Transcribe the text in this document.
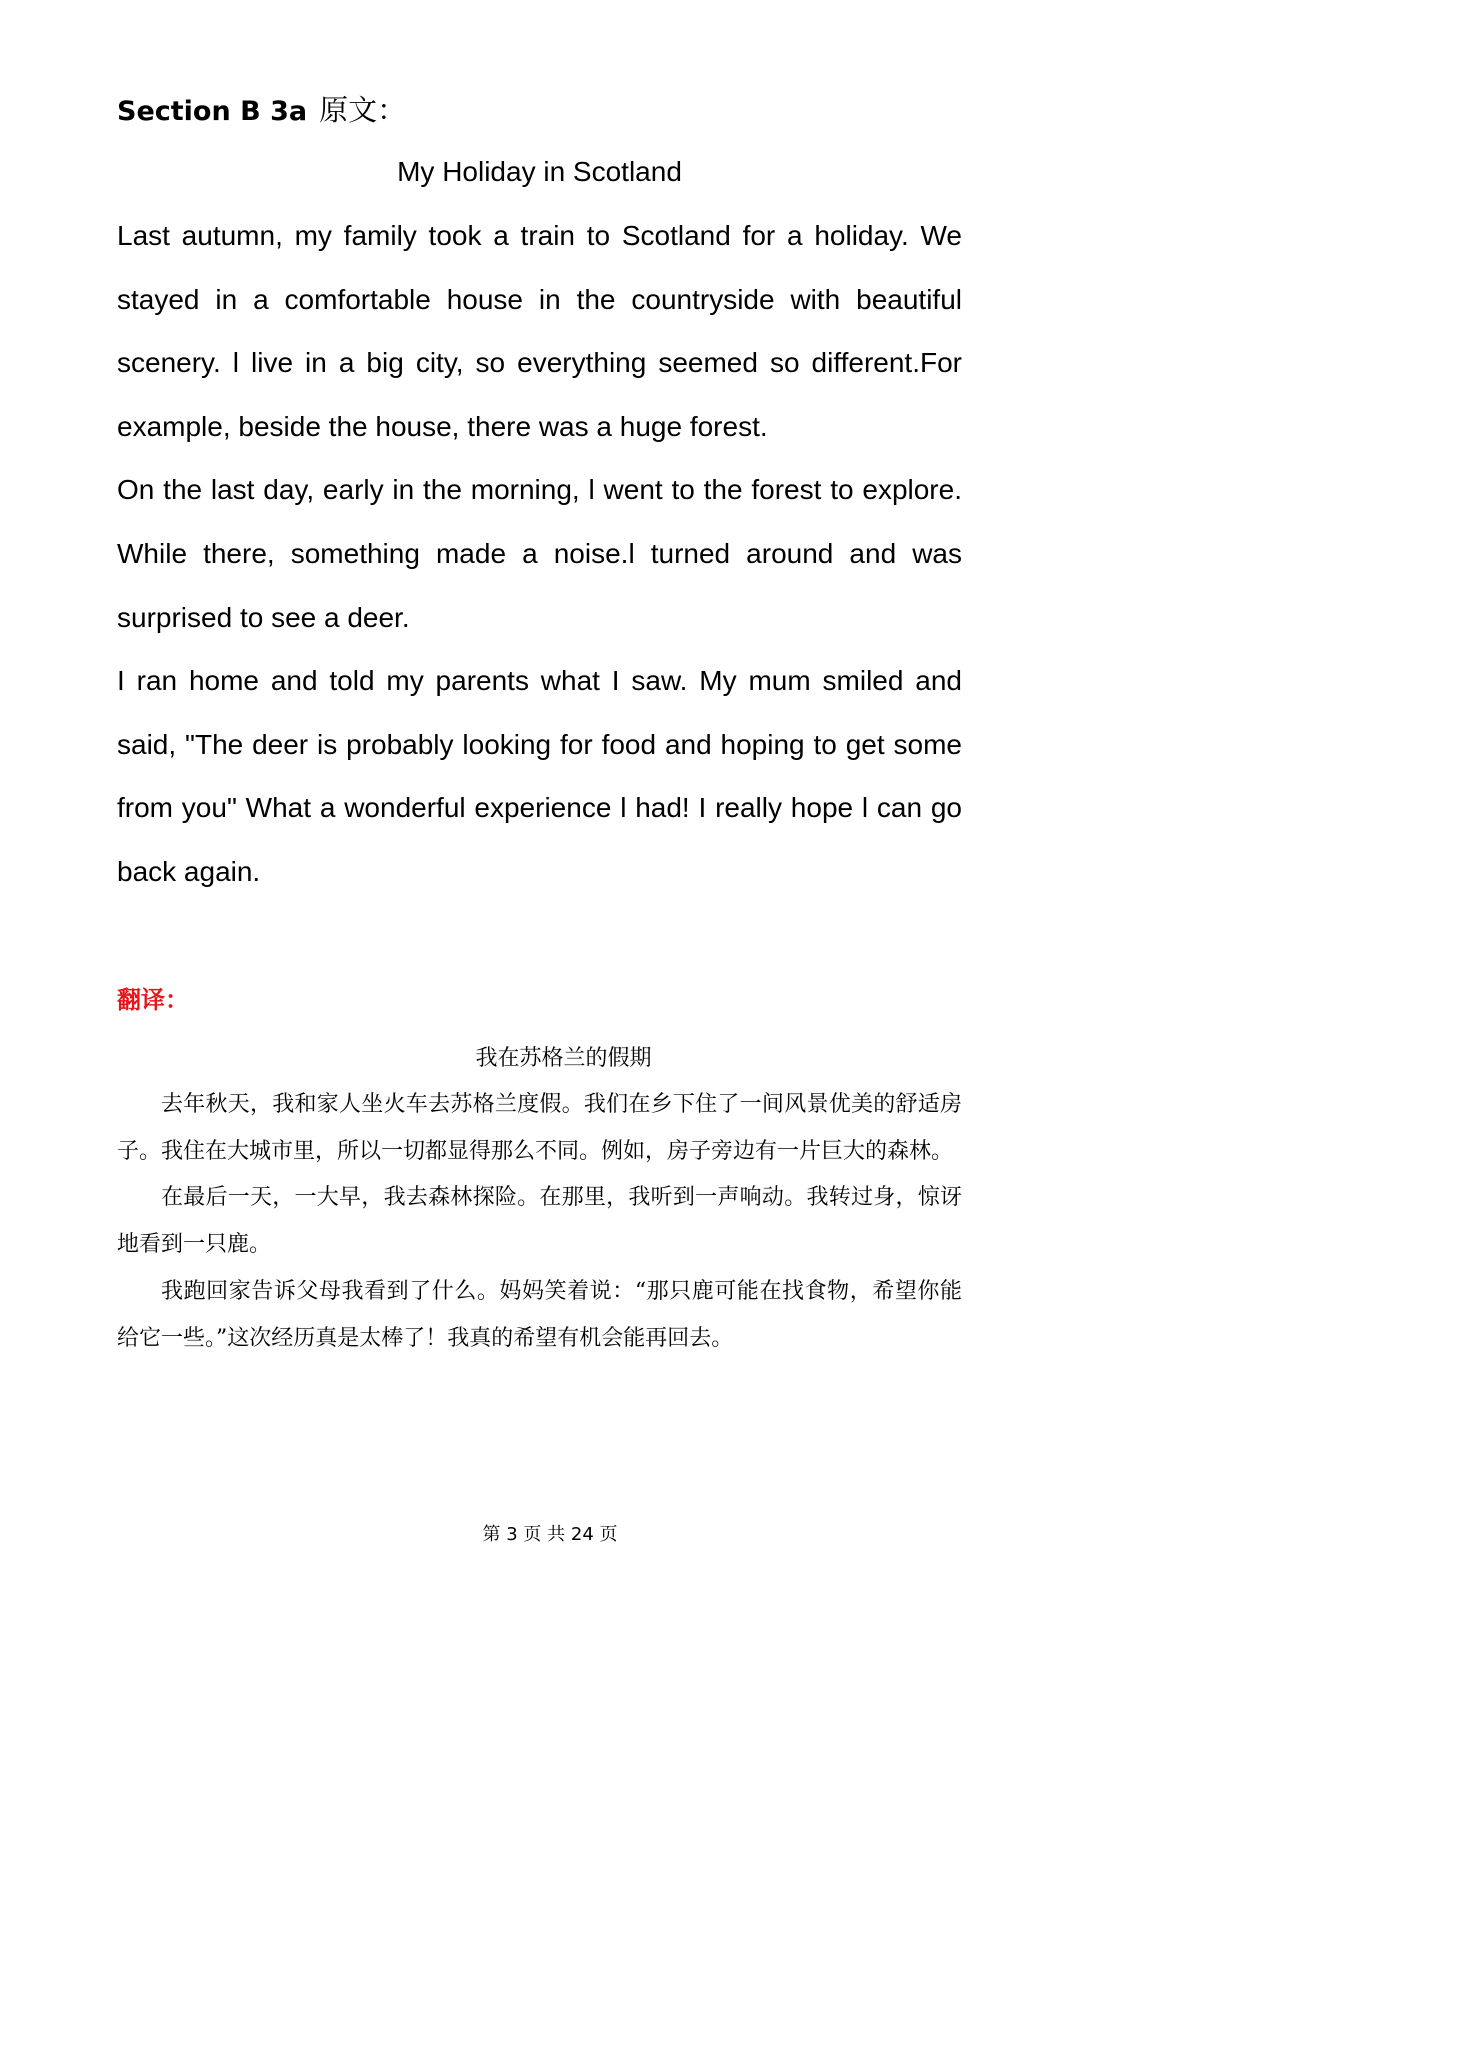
Section B 3a 原文：
My Holiday in Scotland

Last autumn, my family took a train to Scotland for a holiday. We stayed in a comfortable house in the countryside with beautiful scenery. l live in a big city, so everything seemed so different.For example, beside the house, there was a huge forest.

On the last day, early in the morning, l went to the forest to explore. While there, something made a noise.l turned around and was surprised to see a deer.

I ran home and told my parents what I saw. My mum smiled and said, "The deer is probably looking for food and hoping to get some from you" What a wonderful experience l had! I really hope l can go back again.

翻译：
我在苏格兰的假期

去年秋天，我和家人坐火车去苏格兰度假。我们在乡下住了一间风景优美的舒适房子。我住在大城市里，所以一切都显得那么不同。例如，房子旁边有一片巨大的森林。

在最后一天，一大早，我去森林探险。在那里，我听到一声响动。我转过身，惊讶地看到一只鹿。

我跑回家告诉父母我看到了什么。妈妈笑着说：“那只鹿可能在找食物，希望你能给它一些。”这次经历真是太棒了！我真的希望有机会能再回去。

第 3 页 共 24 页
